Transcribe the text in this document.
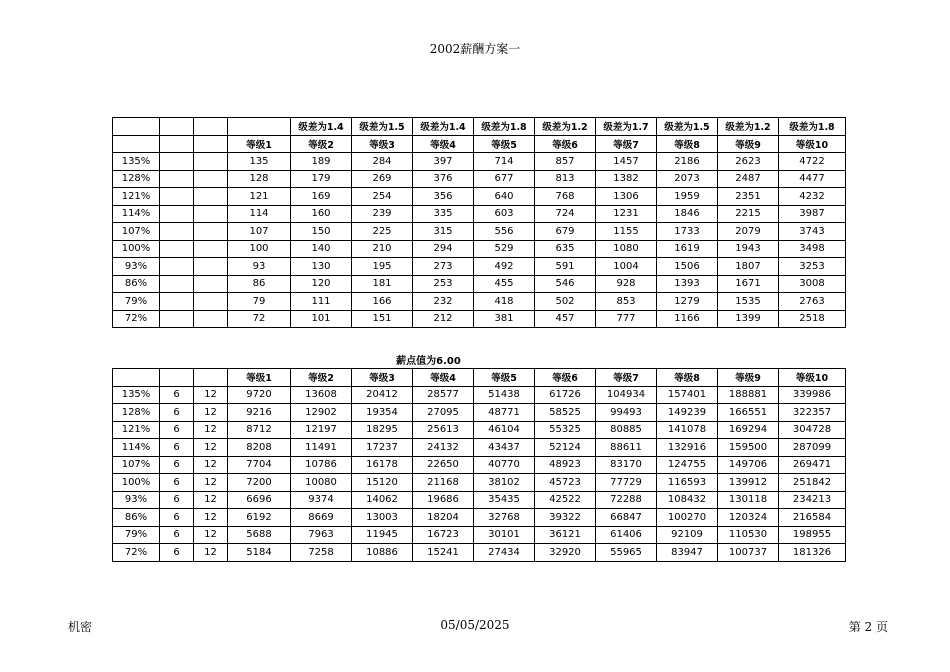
2002薪酬方案一
				级差为1.4	级差为1.5	级差为1.4	级差为1.8	级差为1.2	级差为1.7	级差为1.5	级差为1.2	级差为1.8
			等级1	等级2	等级3	等级4	等级5	等级6	等级7	等级8	等级9	等级10
135%			135	189	284	397	714	857	1457	2186	2623	4722
128%			128	179	269	376	677	813	1382	2073	2487	4477
121%			121	169	254	356	640	768	1306	1959	2351	4232
114%			114	160	239	335	603	724	1231	1846	2215	3987
107%			107	150	225	315	556	679	1155	1733	2079	3743
100%			100	140	210	294	529	635	1080	1619	1943	3498
93%			93	130	195	273	492	591	1004	1506	1807	3253
86%			86	120	181	253	455	546	928	1393	1671	3008
79%			79	111	166	232	418	502	853	1279	1535	2763
72%			72	101	151	212	381	457	777	1166	1399	2518
薪点值为6.00
			等级1	等级2	等级3	等级4	等级5	等级6	等级7	等级8	等级9	等级10
135%	6	12	9720	13608	20412	28577	51438	61726	104934	157401	188881	339986
128%	6	12	9216	12902	19354	27095	48771	58525	99493	149239	166551	322357
121%	6	12	8712	12197	18295	25613	46104	55325	80885	141078	169294	304728
114%	6	12	8208	11491	17237	24132	43437	52124	88611	132916	159500	287099
107%	6	12	7704	10786	16178	22650	40770	48923	83170	124755	149706	269471
100%	6	12	7200	10080	15120	21168	38102	45723	77729	116593	139912	251842
93%	6	12	6696	9374	14062	19686	35435	42522	72288	108432	130118	234213
86%	6	12	6192	8669	13003	18204	32768	39322	66847	100270	120324	216584
79%	6	12	5688	7963	11945	16723	30101	36121	61406	92109	110530	198955
72%	6	12	5184	7258	10886	15241	27434	32920	55965	83947	100737	181326
机密	05/05/2025	第 2 页
